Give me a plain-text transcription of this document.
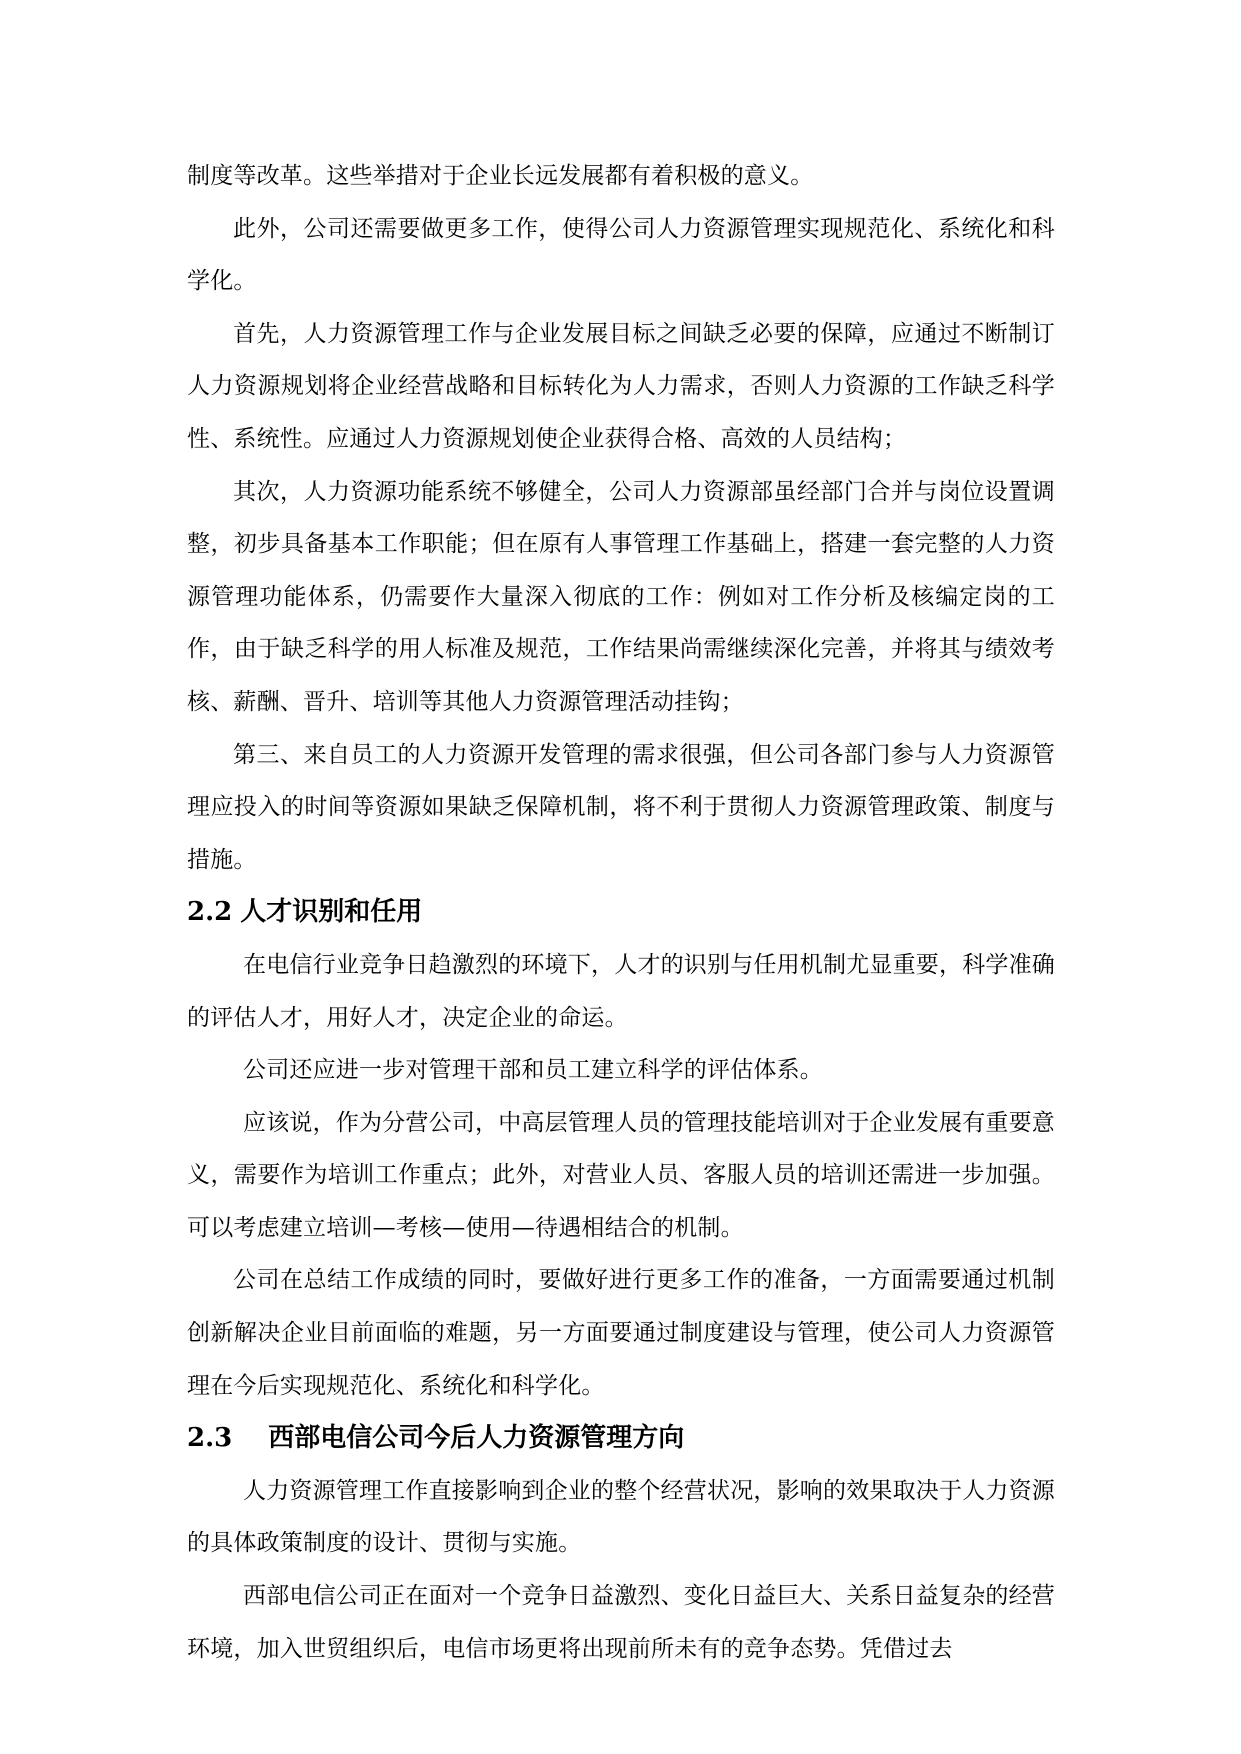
制度等改革。这些举措对于企业长远发展都有着积极的意义。

此外，公司还需要做更多工作，使得公司人力资源管理实现规范化、系统化和科学化。

首先，人力资源管理工作与企业发展目标之间缺乏必要的保障，应通过不断制订人力资源规划将企业经营战略和目标转化为人力需求，否则人力资源的工作缺乏科学性、系统性。应通过人力资源规划使企业获得合格、高效的人员结构；

其次，人力资源功能系统不够健全，公司人力资源部虽经部门合并与岗位设置调整，初步具备基本工作职能；但在原有人事管理工作基础上，搭建一套完整的人力资源管理功能体系，仍需要作大量深入彻底的工作：例如对工作分析及核编定岗的工作，由于缺乏科学的用人标准及规范，工作结果尚需继续深化完善，并将其与绩效考核、薪酬、晋升、培训等其他人力资源管理活动挂钩；

第三、来自员工的人力资源开发管理的需求很强，但公司各部门参与人力资源管理应投入的时间等资源如果缺乏保障机制，将不利于贯彻人力资源管理政策、制度与措施。

2.2 人才识别和任用

在电信行业竞争日趋激烈的环境下，人才的识别与任用机制尤显重要，科学准确的评估人才，用好人才，决定企业的命运。

公司还应进一步对管理干部和员工建立科学的评估体系。

应该说，作为分营公司，中高层管理人员的管理技能培训对于企业发展有重要意义，需要作为培训工作重点；此外，对营业人员、客服人员的培训还需进一步加强。可以考虑建立培训—考核—使用—待遇相结合的机制。

公司在总结工作成绩的同时，要做好进行更多工作的准备，一方面需要通过机制创新解决企业目前面临的难题，另一方面要通过制度建设与管理，使公司人力资源管理在今后实现规范化、系统化和科学化。

2.3 西部电信公司今后人力资源管理方向

人力资源管理工作直接影响到企业的整个经营状况，影响的效果取决于人力资源的具体政策制度的设计、贯彻与实施。

西部电信公司正在面对一个竞争日益激烈、变化日益巨大、关系日益复杂的经营环境，加入世贸组织后，电信市场更将出现前所未有的竞争态势。凭借过去
